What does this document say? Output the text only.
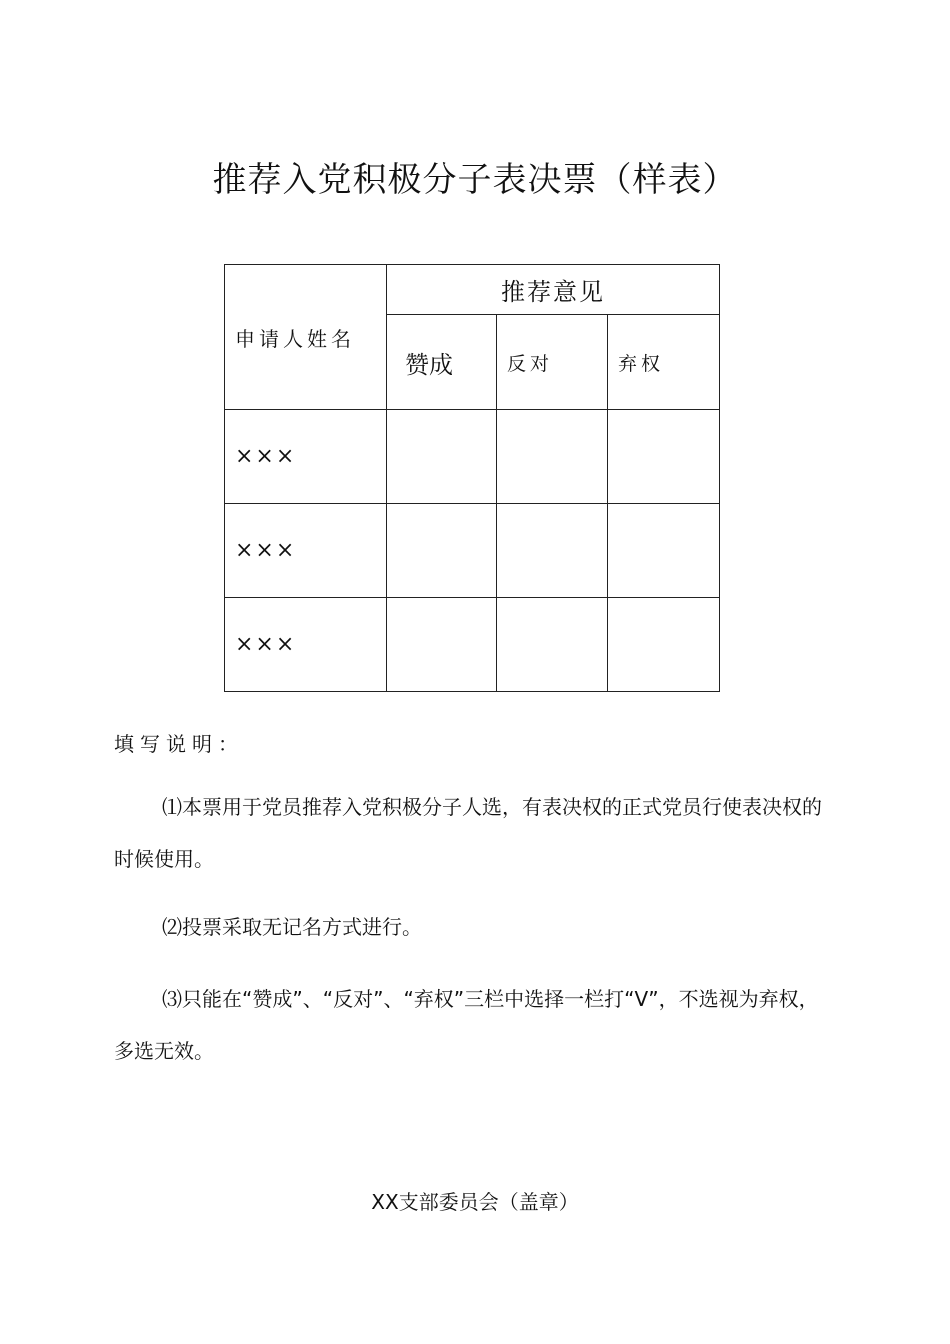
推荐入党积极分子表决票（样表）
申请人姓名	推荐意见		
	赞成	反对	弃权
×××			
×××			
×××			
填写说明：
⑴本票用于党员推荐入党积极分子人选，有表决权的正式党员行使表决权的时候使用。
⑵投票采取无记名方式进行。
⑶只能在“赞成”、“反对”、“弃权”三栏中选择一栏打“V”，不选视为弃权，多选无效。
XX支部委员会（盖章）
